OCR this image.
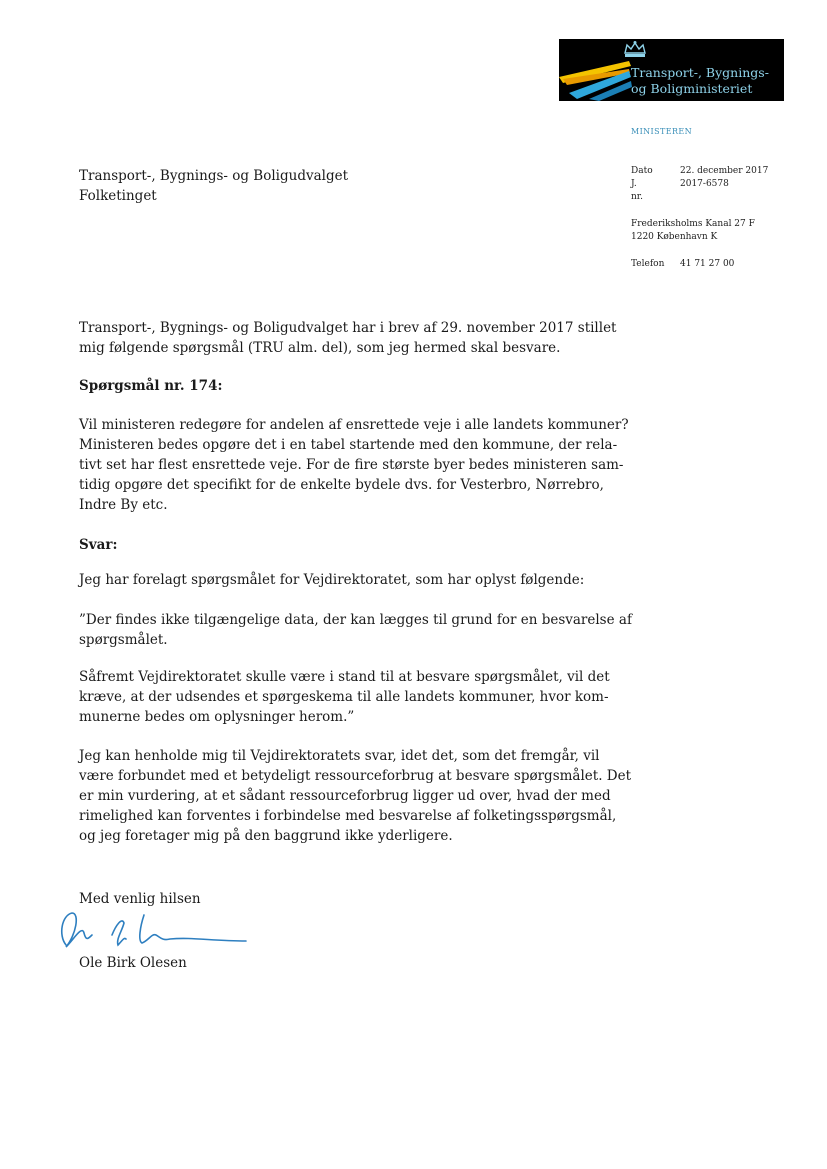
Transport-, Bygnings-
og Boligministeriet
MINISTEREN
Dato	22. december 2017
J. nr.
2017-6578
Frederiksholms Kanal 27 F
1220 København K
Telefon 41 71 27 00
Transport-, Bygnings- og Boligudvalget
Folketinget
Transport-, Bygnings- og Boligudvalget har i brev af 29. november 2017 stillet
mig følgende spørgsmål (TRU alm. del), som jeg hermed skal besvare.
Spørgsmål nr. 174:
Vil ministeren redegøre for andelen af ensrettede veje i alle landets kommuner?
Ministeren bedes opgøre det i en tabel startende med den kommune, der rela-
tivt set har flest ensrettede veje. For de fire største byer bedes ministeren sam-
tidig opgøre det specifikt for de enkelte bydele dvs. for Vesterbro, Nørrebro,
Indre By etc.
Svar:
Jeg har forelagt spørgsmålet for Vejdirektoratet, som har oplyst følgende:
”Der findes ikke tilgængelige data, der kan lægges til grund for en besvarelse af
spørgsmålet.
Såfremt Vejdirektoratet skulle være i stand til at besvare spørgsmålet, vil det
kræve, at der udsendes et spørgeskema til alle landets kommuner, hvor kom-
munerne bedes om oplysninger herom.”
Jeg kan henholde mig til Vejdirektoratets svar, idet det, som det fremgår, vil
være forbundet med et betydeligt ressourceforbrug at besvare spørgsmålet. Det
er min vurdering, at et sådant ressourceforbrug ligger ud over, hvad der med
rimelighed kan forventes i forbindelse med besvarelse af folketingsspørgsmål,
og jeg foretager mig på den baggrund ikke yderligere.
Med venlig hilsen
Ole Birk Olesen
